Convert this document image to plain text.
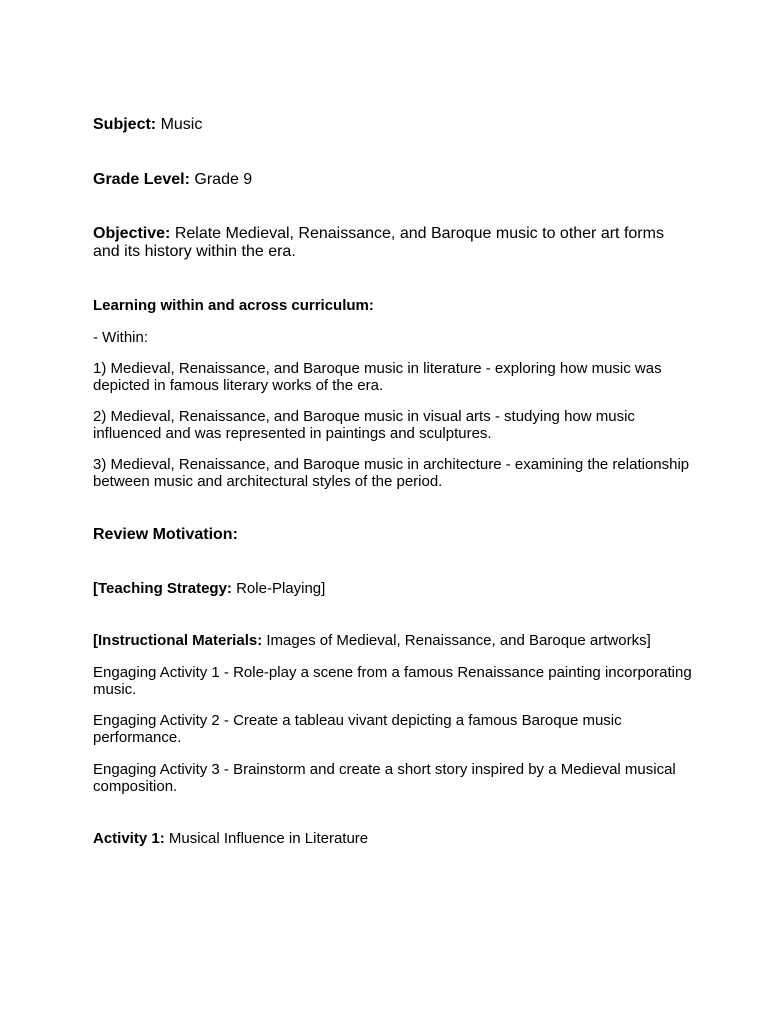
Subject: Music

Grade Level: Grade 9

Objective: Relate Medieval, Renaissance, and Baroque music to other art forms and its history within the era.

Learning within and across curriculum:

- Within:

1) Medieval, Renaissance, and Baroque music in literature - exploring how music was depicted in famous literary works of the era.

2) Medieval, Renaissance, and Baroque music in visual arts - studying how music influenced and was represented in paintings and sculptures.

3) Medieval, Renaissance, and Baroque music in architecture - examining the relationship between music and architectural styles of the period.

Review Motivation:

[Teaching Strategy: Role-Playing]

[Instructional Materials: Images of Medieval, Renaissance, and Baroque artworks]

Engaging Activity 1 - Role-play a scene from a famous Renaissance painting incorporating music.

Engaging Activity 2 - Create a tableau vivant depicting a famous Baroque music performance.

Engaging Activity 3 - Brainstorm and create a short story inspired by a Medieval musical composition.

Activity 1: Musical Influence in Literature
